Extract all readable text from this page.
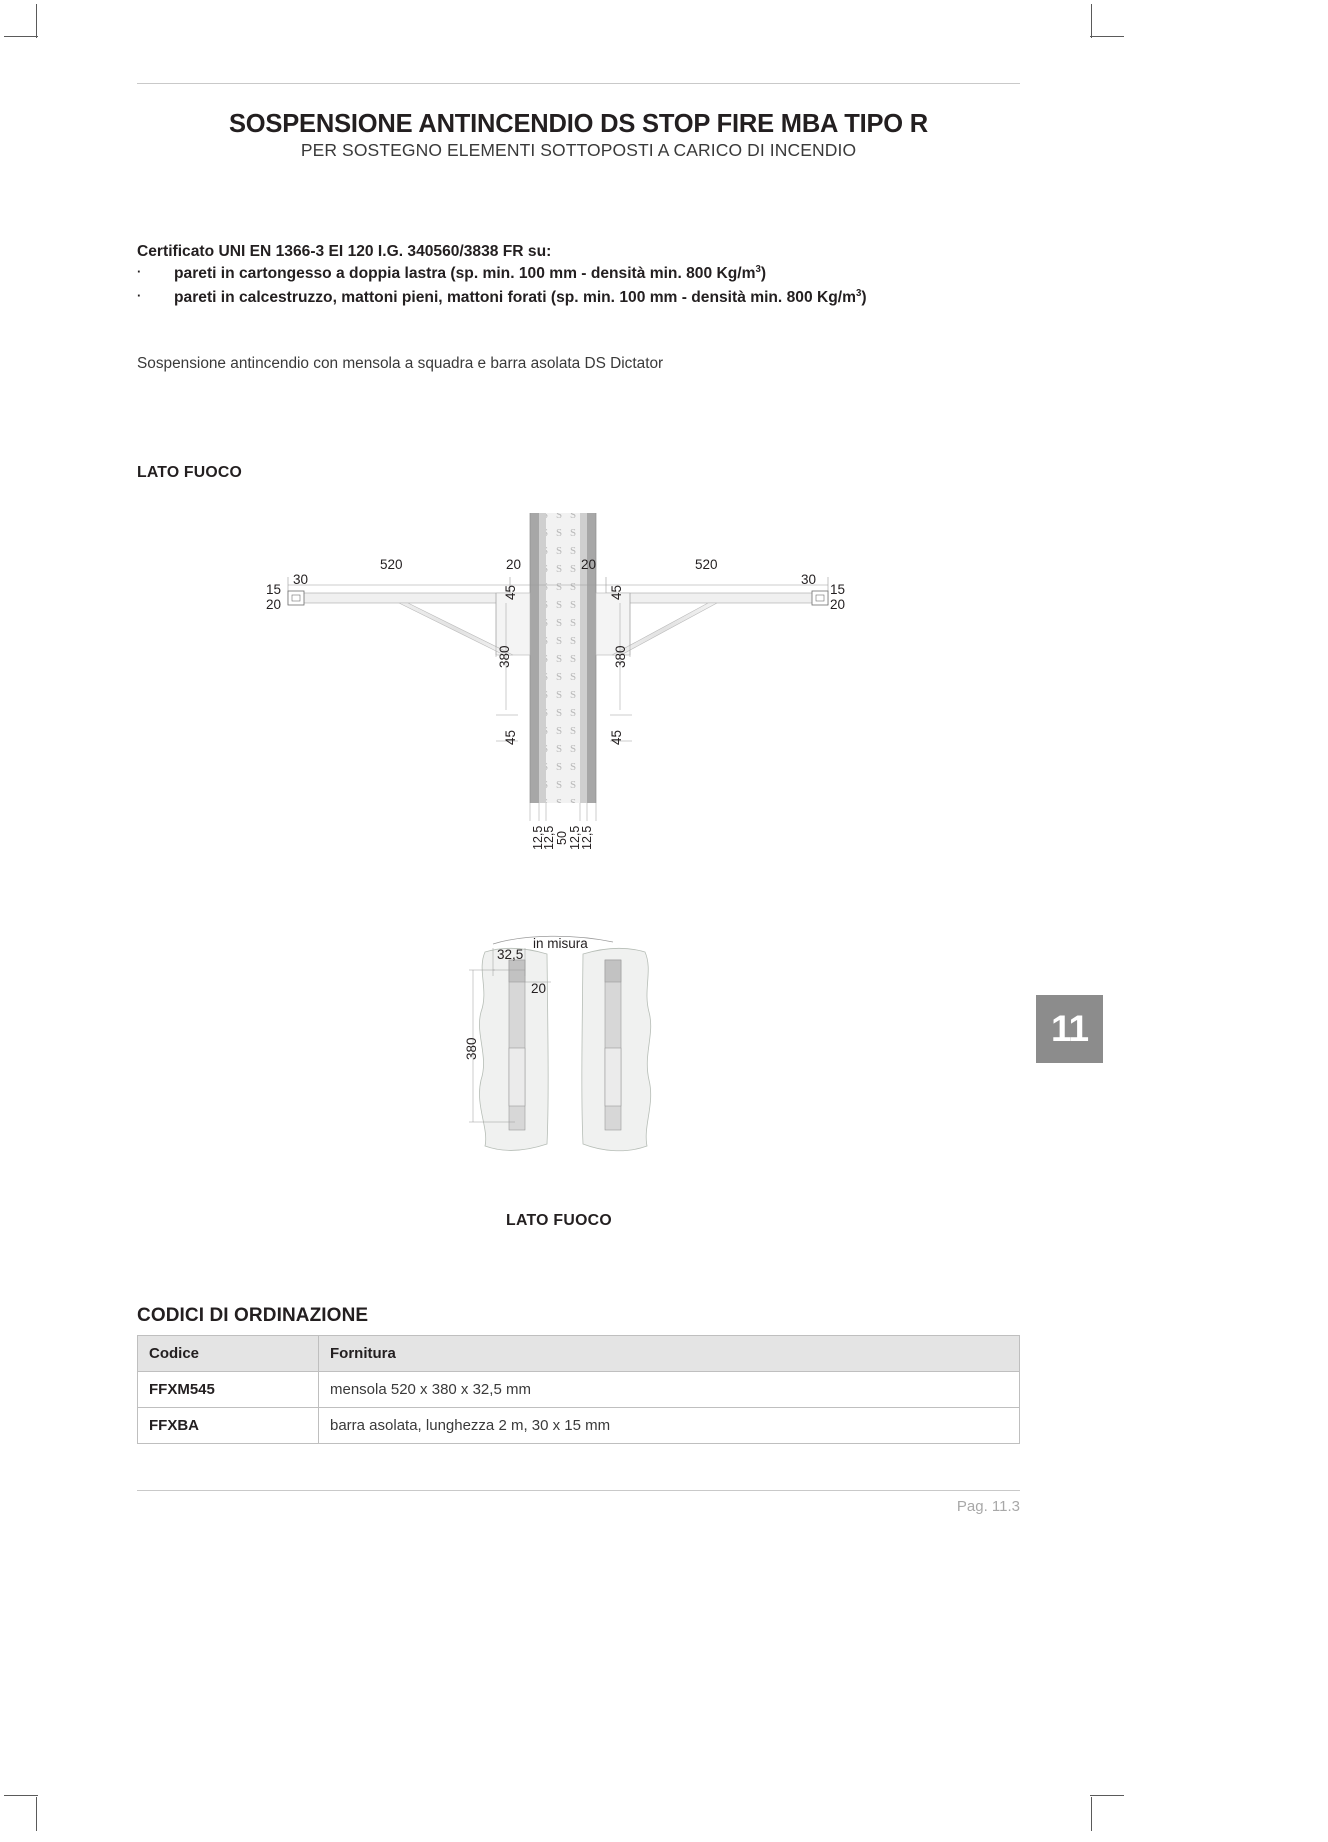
SOSPENSIONE ANTINCENDIO DS STOP FIRE MBA TIPO R
PER SOSTEGNO ELEMENTI SOTTOPOSTI A CARICO DI INCENDIO
Certificato UNI EN 1366-3 EI 120 I.G. 340560/3838 FR su:
· pareti in cartongesso a doppia lastra (sp. min. 100 mm - densità min. 800 $Kg/m^3$)
· pareti in calcestruzzo, mattoni pieni, mattoni forati (sp. min. 100 mm - densità min. 800 $Kg/m^3$)
Sospensione antincendio con mensola a squadra e barra asolata DS Dictator
LATO FUOCO
520	20	20	520
30	30
15
20
15
20
45	45
380	380
45	45
12,5
12,5 50 12,5
12,5
in misura
32,5
20
380
LATO FUOCO
CODICI DI ORDINAZIONE
Codice	Fornitura
FFXM545	mensola 520 x 380 x 32,5 mm
FFXBA	barra asolata, lunghezza 2 m, 30 x 15 mm
11
Pag. 11.3
